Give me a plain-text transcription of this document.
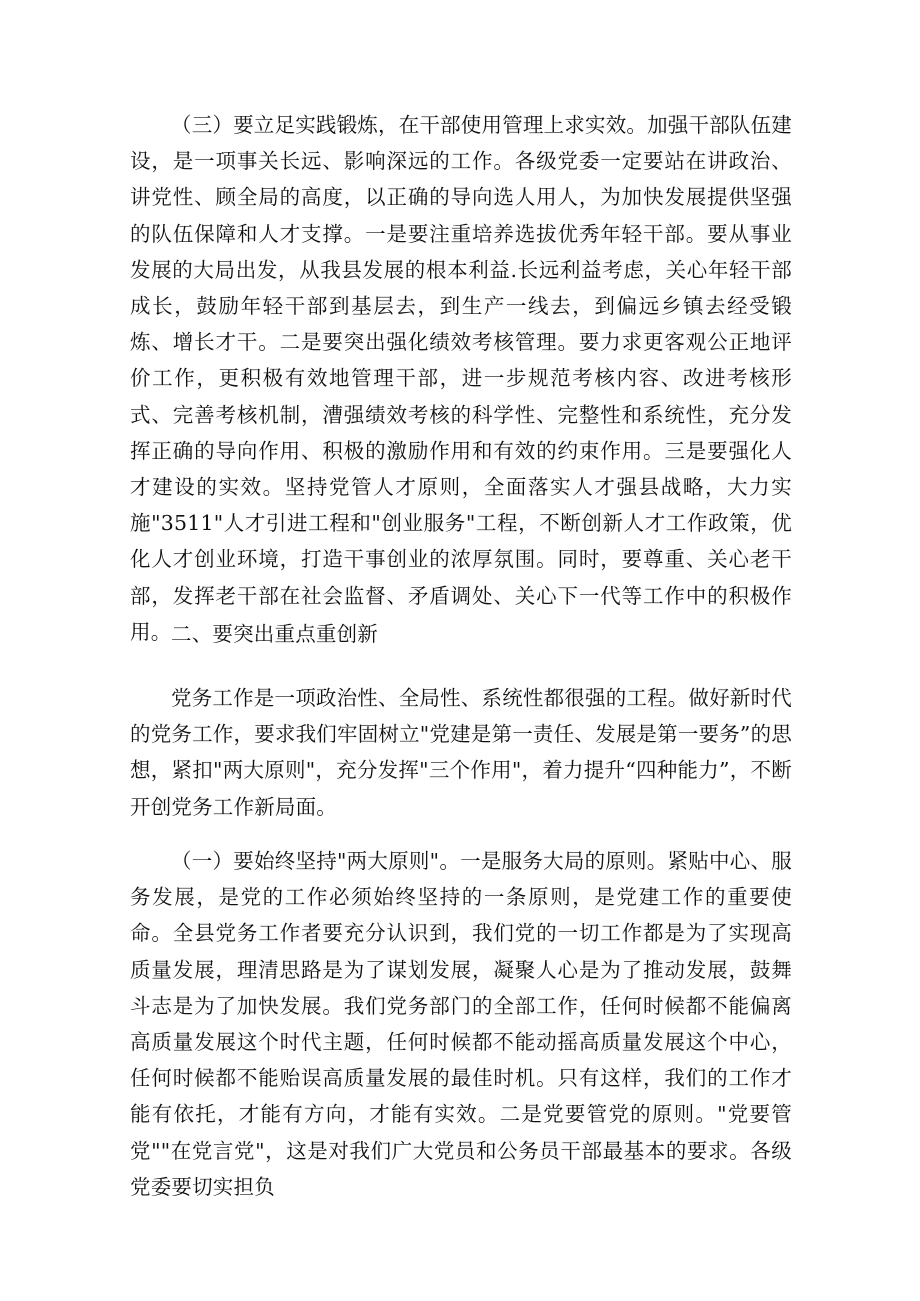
（三）要立足实践锻炼，在干部使用管理上求实效。加强干部队伍建设，是一项事关长远、影响深远的工作。各级党委一定要站在讲政治、讲党性、顾全局的高度，以正确的导向选人用人，为加快发展提供坚强的队伍保障和人才支撑。一是要注重培养选拔优秀年轻干部。要从事业发展的大局出发，从我县发展的根本利益.长远利益考虑，关心年轻干部成长，鼓励年轻干部到基层去，到生产一线去，到偏远乡镇去经受锻炼、增长才干。二是要突出强化绩效考核管理。要力求更客观公正地评价工作，更积极有效地管理干部，进一步规范考核内容、改进考核形式、完善考核机制，漕强绩效考核的科学性、完整性和系统性，充分发挥正确的导向作用、积极的激励作用和有效的约束作用。三是要强化人才建设的实效。坚持党管人才原则，全面落实人才强县战略，大力实施"3511"人才引进工程和"创业服务"工程，不断创新人才工作政策，优化人才创业环境，打造干事创业的浓厚氛围。同时，要尊重、关心老干部，发挥老干部在社会监督、矛盾调处、关心下一代等工作中的积极作用。 二、要突出重点重创新

党务工作是一项政治性、全局性、系统性都很强的工程。做好新时代的党务工作，要求我们牢固树立"党建是第一责任、发展是第一要务”的思想，紧扣"两大原则"，充分发挥"三个作用"，着力提升“四种能力”，不断开创党务工作新局面。

（一）要始终坚持"两大原则"。一是服务大局的原则。紧贴中心、服务发展，是党的工作必须始终坚持的一条原则，是党建工作的重要使命。全县党务工作者要充分认识到，我们党的一切工作都是为了实现高质量发展，理清思路是为了谋划发展，凝聚人心是为了推动发展，鼓舞斗志是为了加快发展。我们党务部门的全部工作，任何时候都不能偏离高质量发展这个时代主题，任何时候都不能动摇高质量发展这个中心，任何时候都不能贻误高质量发展的最佳时机。只有这样，我们的工作才能有依托，才能有方向，才能有实效。二是党要管党的原则。"党要管党""在党言党"，这是对我们广大党员和公务员干部最基本的要求。各级党委要切实担负
